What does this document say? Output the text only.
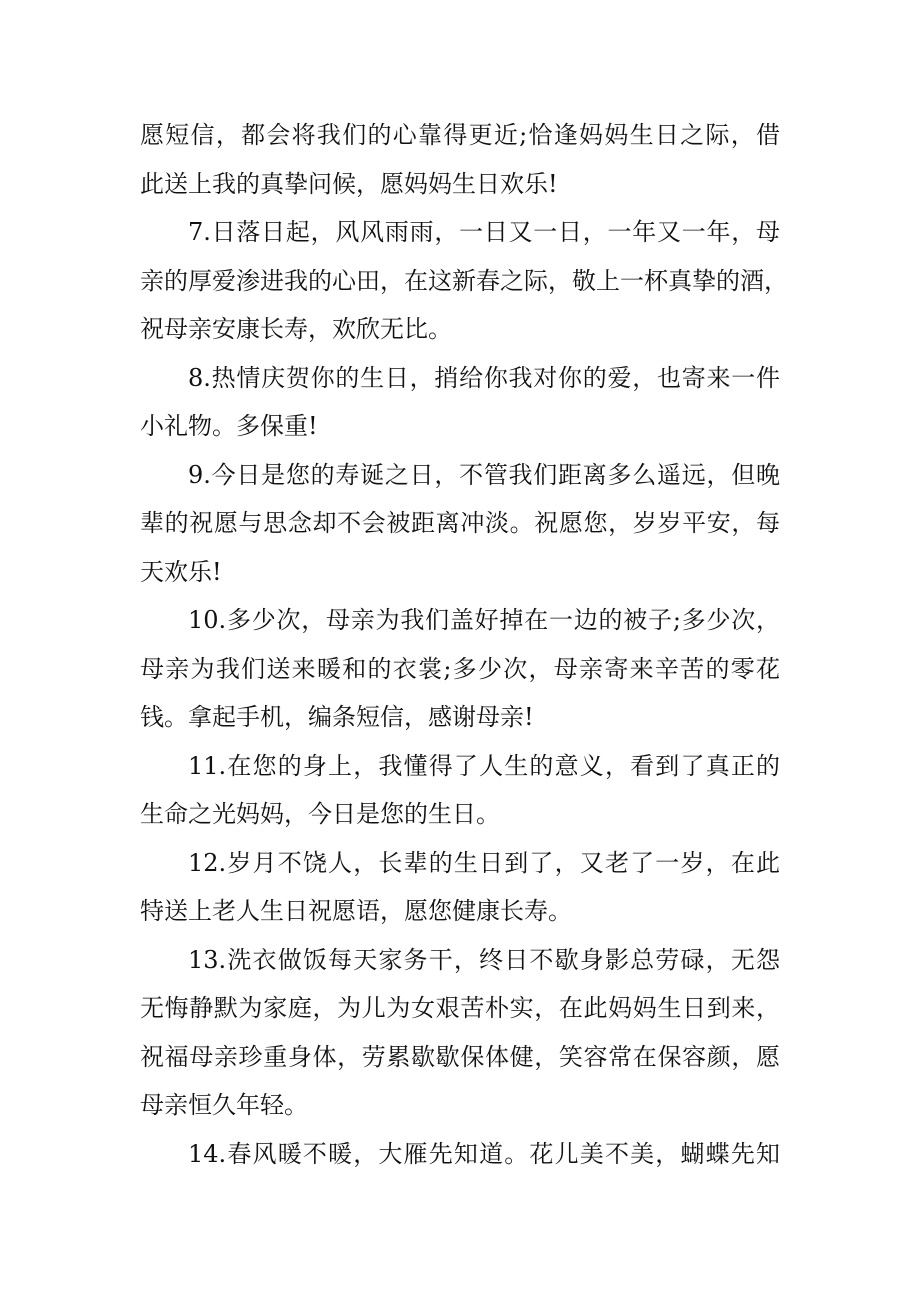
愿短信，都会将我们的心靠得更近;恰逢妈妈生日之际，借
此送上我的真挚问候，愿妈妈生日欢乐!
7.日落日起，风风雨雨，一日又一日，一年又一年，母
亲的厚爱渗进我的心田，在这新春之际，敬上一杯真挚的酒，
祝母亲安康长寿，欢欣无比。
8.热情庆贺你的生日，捎给你我对你的爱，也寄来一件
小礼物。多保重!
9.今日是您的寿诞之日，不管我们距离多么遥远，但晚
辈的祝愿与思念却不会被距离冲淡。祝愿您，岁岁平安，每
天欢乐!
10.多少次，母亲为我们盖好掉在一边的被子;多少次，
母亲为我们送来暖和的衣裳;多少次，母亲寄来辛苦的零花
钱。拿起手机，编条短信，感谢母亲!
11.在您的身上，我懂得了人生的意义，看到了真正的
生命之光妈妈，今日是您的生日。
12.岁月不饶人，长辈的生日到了，又老了一岁，在此
特送上老人生日祝愿语，愿您健康长寿。
13.洗衣做饭每天家务干，终日不歇身影总劳碌，无怨
无悔静默为家庭，为儿为女艰苦朴实，在此妈妈生日到来，
祝福母亲珍重身体，劳累歇歇保体健，笑容常在保容颜，愿
母亲恒久年轻。
14.春风暖不暖，大雁先知道。花儿美不美，蝴蝶先知
